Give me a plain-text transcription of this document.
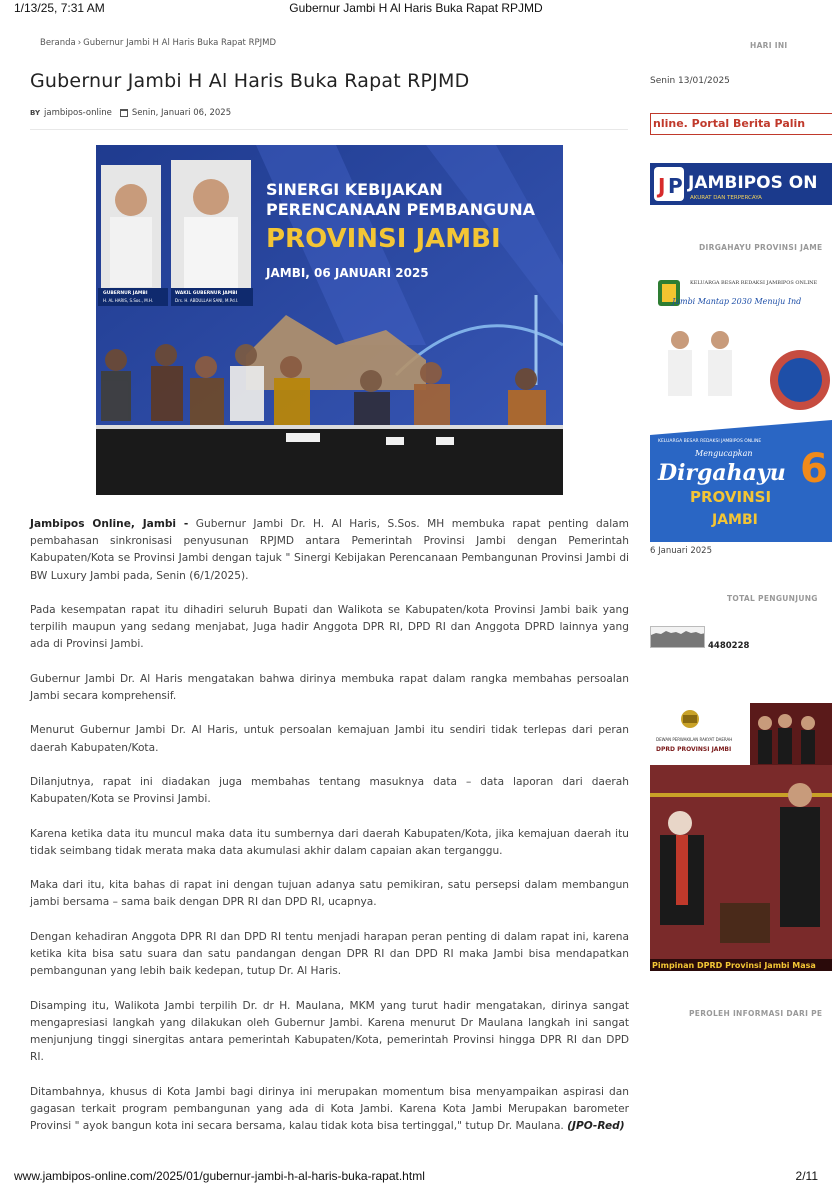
1/13/25, 7:31 AM	Gubernur Jambi H Al Haris Buka Rapat RPJMD
Beranda › Gubernur Jambi H Al Haris Buka Rapat RPJMD
Gubernur Jambi H Al Haris Buka Rapat RPJMD
BY jambipos-online Senin, Januari 06, 2025
GUBERNUR JAMBI
H. AL HARIS, S.Sos., M.H.
WAKIL GUBERNUR JAMBI
Drs. H. ABDULLAH SANI, M.Pd.I.
SINERGI KEBIJAKAN
PERENCANAAN PEMBANGUNA
PROVINSI JAMBI
JAMBI, 06 JANUARI 2025

Jambipos Online, Jambi - Gubernur Jambi Dr. H. Al Haris, S.Sos. MH membuka rapat penting dalam pembahasan sinkronisasi penyusunan RPJMD antara Pemerintah Provinsi Jambi dengan Pemerintah Kabupaten/Kota se Provinsi Jambi dengan tajuk " Sinergi Kebijakan Perencanaan Pembangunan Provinsi Jambi di BW Luxury Jambi pada, Senin (6/1/2025).

Pada kesempatan rapat itu dihadiri seluruh Bupati dan Walikota se Kabupaten/kota Provinsi Jambi baik yang terpilih maupun yang sedang menjabat, Juga hadir Anggota DPR RI, DPD RI dan Anggota DPRD lainnya yang ada di Provinsi Jambi.

Gubernur Jambi Dr. Al Haris mengatakan bahwa dirinya membuka rapat dalam rangka membahas persoalan Jambi secara komprehensif.

Menurut Gubernur Jambi Dr. Al Haris, untuk persoalan kemajuan Jambi itu sendiri tidak terlepas dari peran daerah Kabupaten/Kota.

Dilanjutnya, rapat ini diadakan juga membahas tentang masuknya data – data laporan dari daerah Kabupaten/Kota se Provinsi Jambi.

Karena ketika data itu muncul maka data itu sumbernya dari daerah Kabupaten/Kota, jika kemajuan daerah itu tidak seimbang tidak merata maka data akumulasi akhir dalam capaian akan terganggu.

Maka dari itu, kita bahas di rapat ini dengan tujuan adanya satu pemikiran, satu persepsi dalam membangun jambi bersama – sama baik dengan DPR RI dan DPD RI, ucapnya.

Dengan kehadiran Anggota DPR RI dan DPD RI tentu menjadi harapan peran penting di dalam rapat ini, karena ketika kita bisa satu suara dan satu pandangan dengan DPR RI dan DPD RI maka Jambi bisa mendapatkan pembangunan yang lebih baik kedepan, tutup Dr. Al Haris.

Disamping itu, Walikota Jambi terpilih Dr. dr H. Maulana, MKM yang turut hadir mengatakan, dirinya sangat mengapresiasi langkah yang dilakukan oleh Gubernur Jambi. Karena menurut Dr Maulana langkah ini sangat menjunjung tinggi sinergitas antara pemerintah Kabupaten/Kota, pemerintah Provinsi hingga DPR RI dan DPD RI.

Ditambahnya, khusus di Kota Jambi bagi dirinya ini merupakan momentum bisa menyampaikan aspirasi dan gagasan terkait program pembangunan yang ada di Kota Jambi. Karena Kota Jambi Merupakan barometer Provinsi " ayok bangun kota ini secara bersama, kalau tidak kota bisa tertinggal," tutup Dr. Maulana. (JPO-Red)

HARI INI
Senin 13/01/2025
nline. Portal Berita Palin
J P JAMBIPOS ON
AKURAT DAN TERPERCAYA
DIRGAHAYU PROVINSI JAME
KELUARGA BESAR REDAKSI JAMBIPOS ONLINE
Jambi Mantap 2030 Menuju Ind
KELUARGA BESAR REDAKSI JAMBIPOS ONLINE
Mengucapkan
Dirgahayu
PROVINSI
JAMBI
6
6 Januari 2025
TOTAL PENGUNJUNG
4480228
DEWAN PERWAKILAN RAKYAT DAERAH
DPRD PROVINSI JAMBI
Pimpinan DPRD Provinsi Jambi Masa
PEROLEH INFORMASI DARI PE
www.jambipos-online.com/2025/01/gubernur-jambi-h-al-haris-buka-rapat.html	2/11
